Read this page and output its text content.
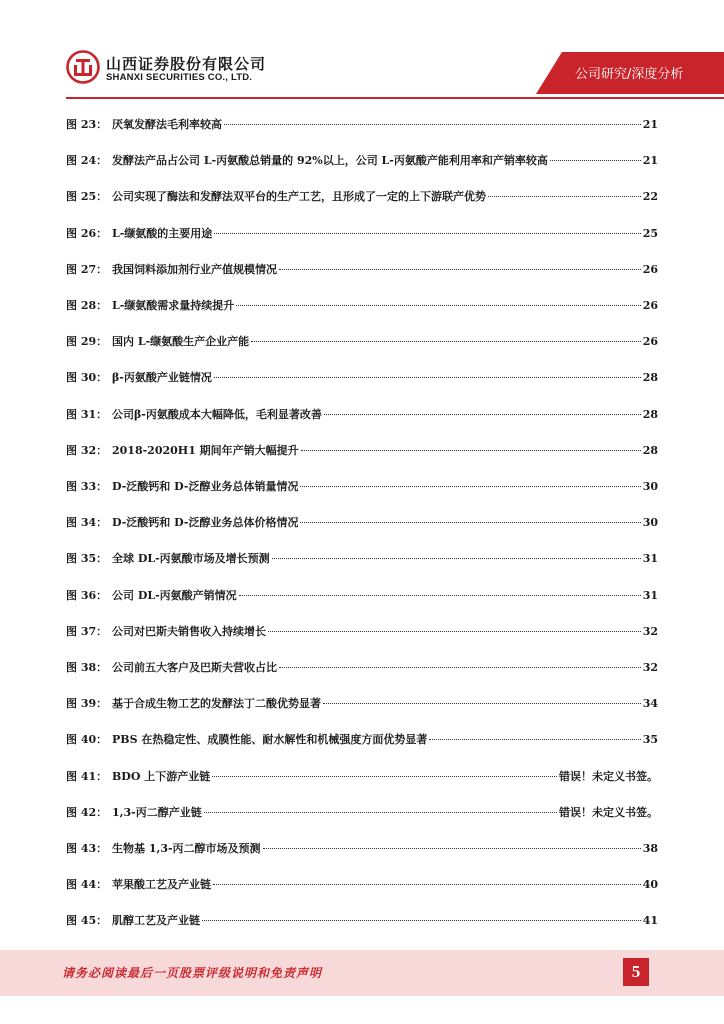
山西证券股份有限公司
SHANXI SECURITIES CO., LTD.	公司研究/深度分析
图 23： 厌氧发酵法毛利率较高	21
图 24： 发酵法产品占公司 L-丙氨酸总销量的 92%以上，公司 L-丙氨酸产能利用率和产销率较高	21
图 25： 公司实现了酶法和发酵法双平台的生产工艺，且形成了一定的上下游联产优势	22
图 26： L-缬氨酸的主要用途	25
图 27： 我国饲料添加剂行业产值规模情况	26
图 28： L-缬氨酸需求量持续提升	26
图 29： 国内 L-缬氨酸生产企业产能	26
图 30： β-丙氨酸产业链情况	28
图 31： 公司β-丙氨酸成本大幅降低，毛利显著改善	28
图 32： 2018-2020H1 期间年产销大幅提升	28
图 33： D-泛酸钙和 D-泛醇业务总体销量情况	30
图 34： D-泛酸钙和 D-泛醇业务总体价格情况	30
图 35： 全球 DL-丙氨酸市场及增长预测	31
图 36： 公司 DL-丙氨酸产销情况	31
图 37： 公司对巴斯夫销售收入持续增长	32
图 38： 公司前五大客户及巴斯夫营收占比	32
图 39： 基于合成生物工艺的发酵法丁二酸优势显著	34
图 40： PBS 在热稳定性、成膜性能、耐水解性和机械强度方面优势显著	35
图 41： BDO 上下游产业链	错误！未定义书签。
图 42： 1,3-丙二醇产业链	错误！未定义书签。
图 43： 生物基 1,3-丙二醇市场及预测	38
图 44： 苹果酸工艺及产业链	40
图 45： 肌醇工艺及产业链	41
请务必阅读最后一页股票评级说明和免责声明	5
